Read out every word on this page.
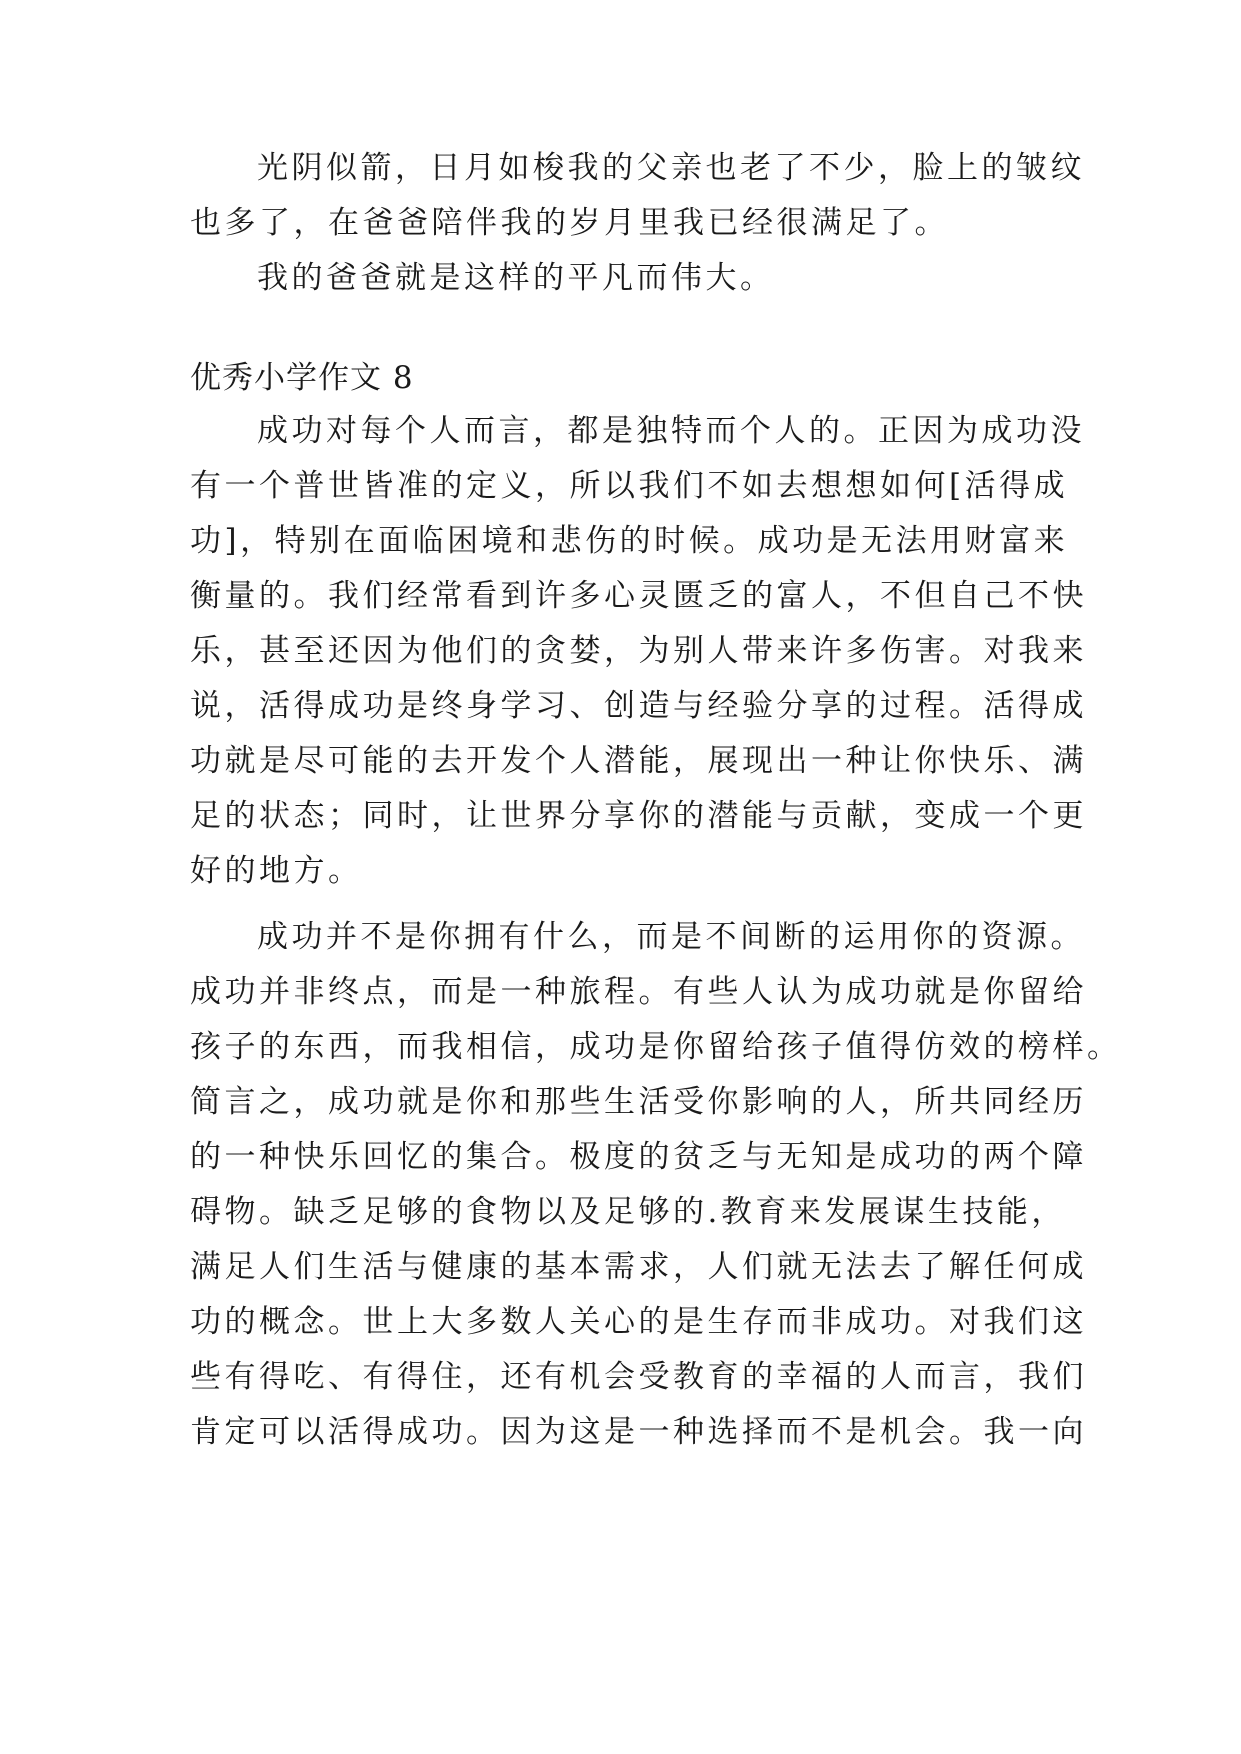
光阴似箭，日月如梭我的父亲也老了不少，脸上的皱纹
也多了，在爸爸陪伴我的岁月里我已经很满足了。
我的爸爸就是这样的平凡而伟大。
优秀小学作文 8
成功对每个人而言，都是独特而个人的。正因为成功没
有一个普世皆准的定义，所以我们不如去想想如何[活得成
功]，特别在面临困境和悲伤的时候。成功是无法用财富来
衡量的。我们经常看到许多心灵匮乏的富人，不但自己不快
乐，甚至还因为他们的贪婪，为别人带来许多伤害。对我来
说，活得成功是终身学习、创造与经验分享的过程。活得成
功就是尽可能的去开发个人潜能，展现出一种让你快乐、满
足的状态；同时，让世界分享你的潜能与贡献，变成一个更
好的地方。
成功并不是你拥有什么，而是不间断的运用你的资源。
成功并非终点，而是一种旅程。有些人认为成功就是你留给
孩子的东西，而我相信，成功是你留给孩子值得仿效的榜样。
简言之，成功就是你和那些生活受你影响的人，所共同经历
的一种快乐回忆的集合。极度的贫乏与无知是成功的两个障
碍物。缺乏足够的食物以及足够的.教育来发展谋生技能，
满足人们生活与健康的基本需求，人们就无法去了解任何成
功的概念。世上大多数人关心的是生存而非成功。对我们这
些有得吃、有得住，还有机会受教育的幸福的人而言，我们
肯定可以活得成功。因为这是一种选择而不是机会。我一向
